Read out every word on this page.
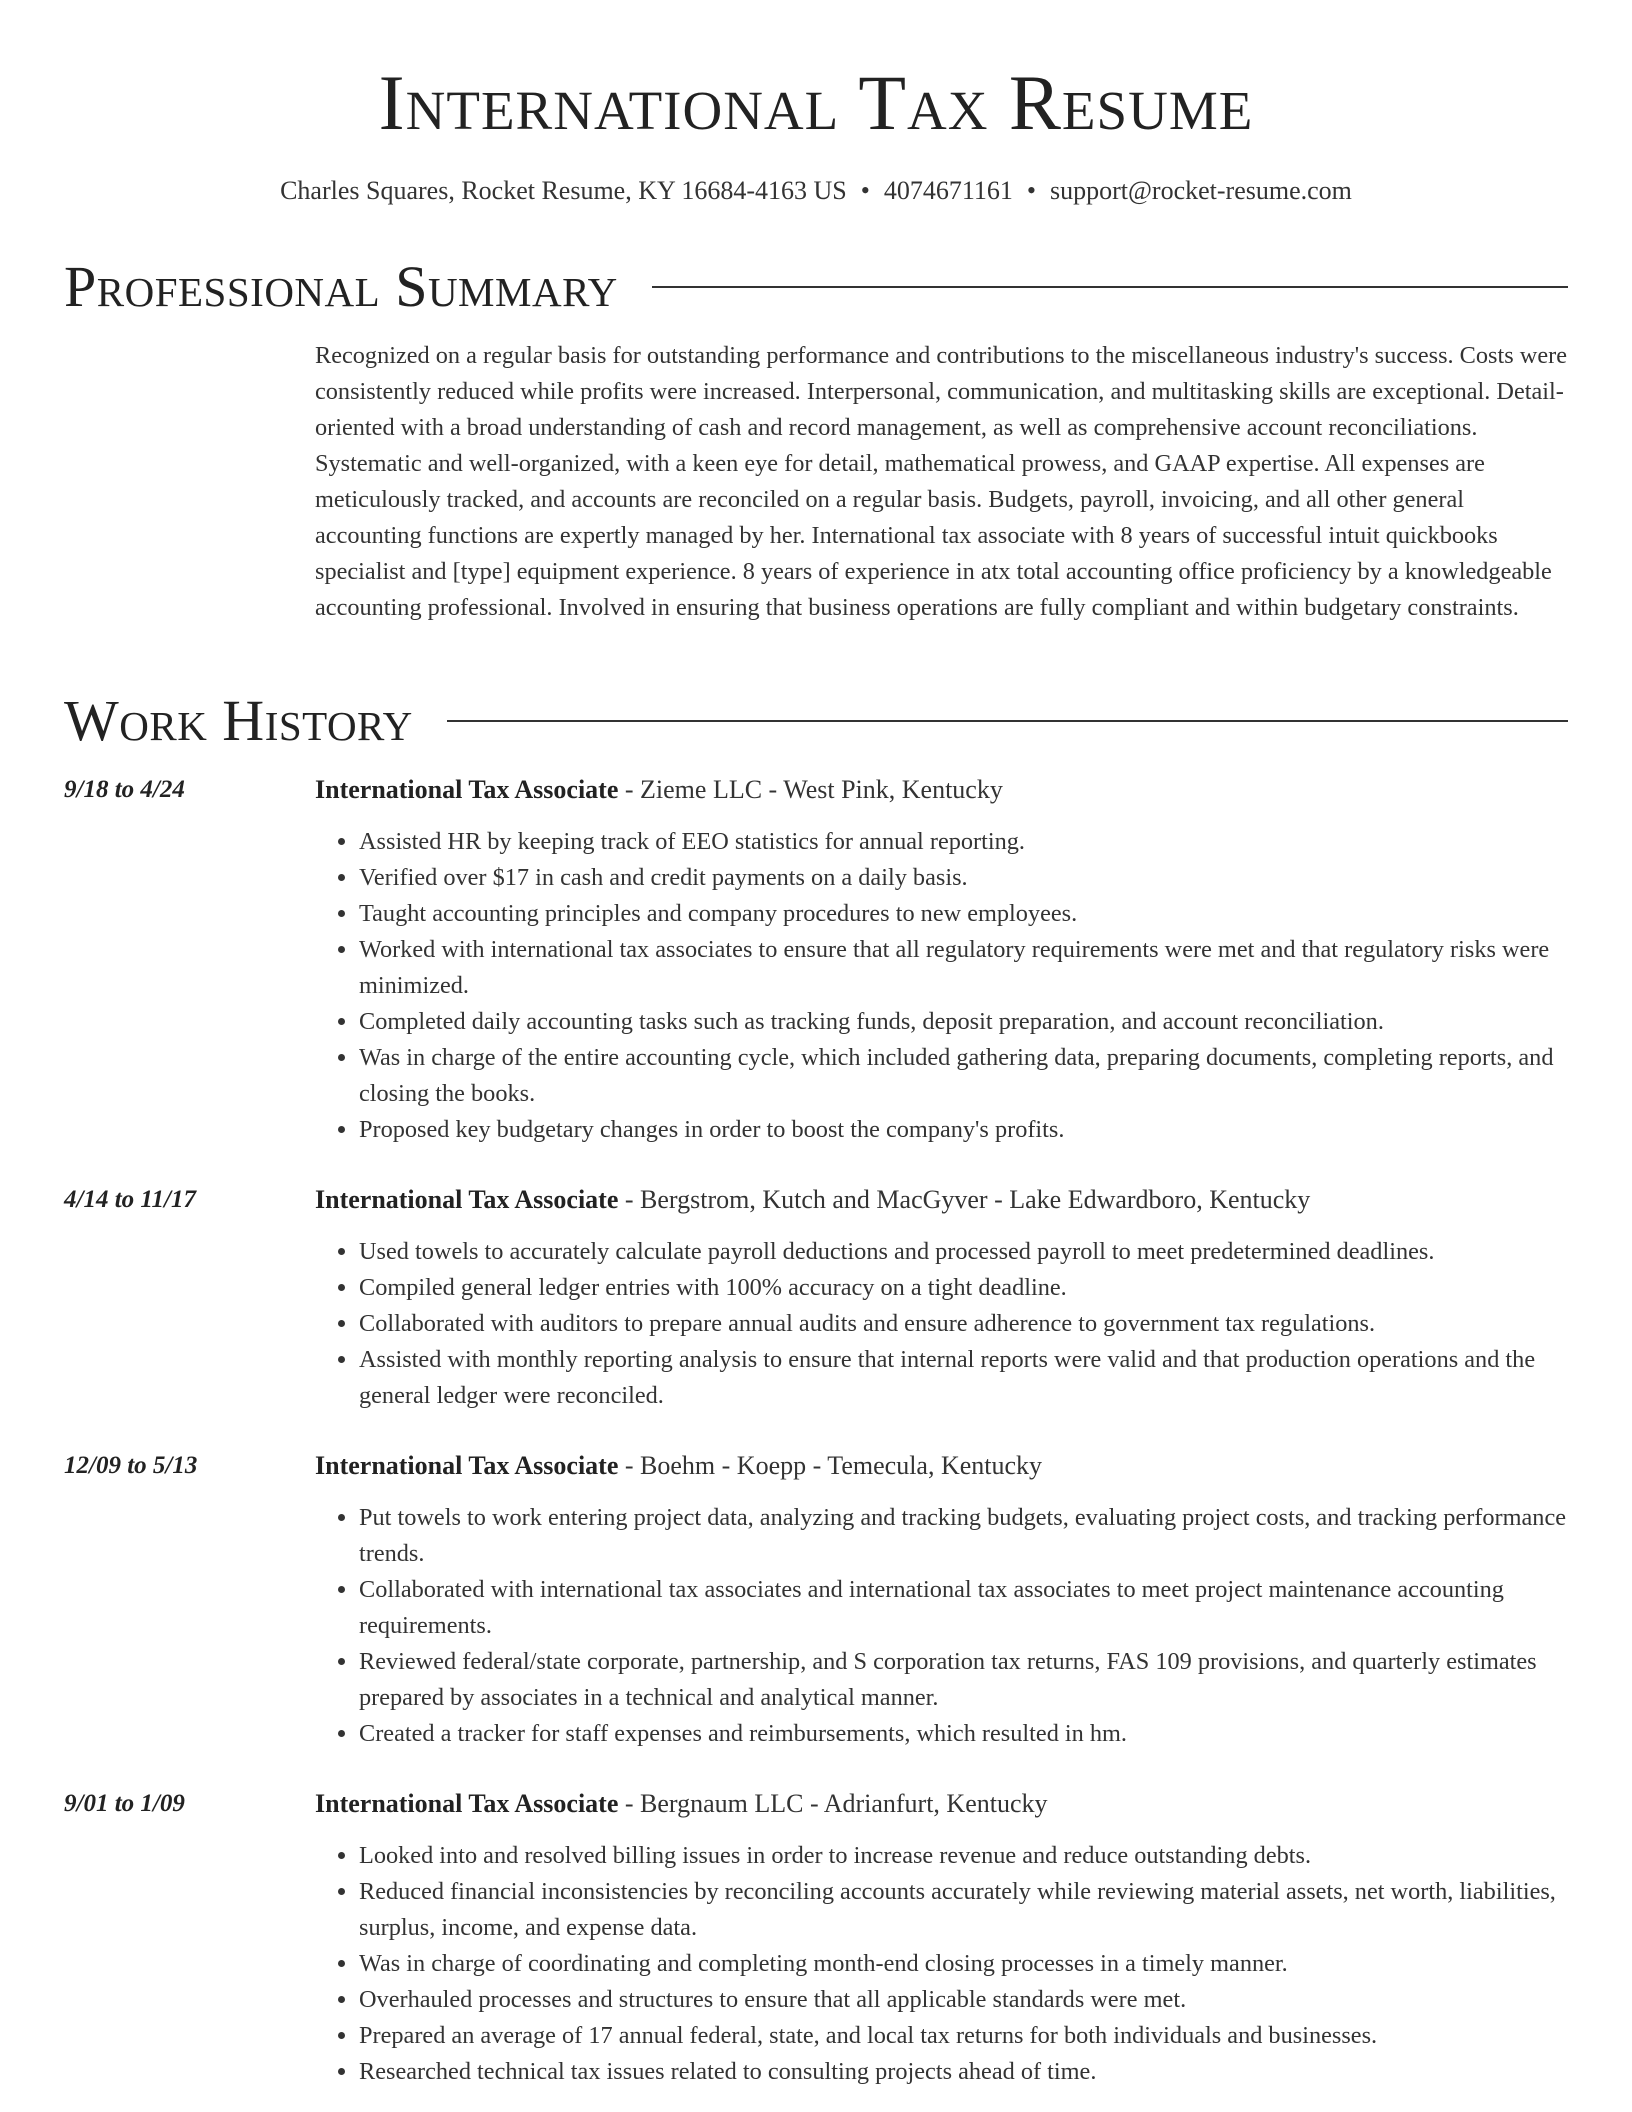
International Tax Resume
Charles Squares, Rocket Resume, KY 16684-4163 US • 4074671161 • support@rocket-resume.com
Professional Summary

Recognized on a regular basis for outstanding performance and contributions to the miscellaneous industry's success. Costs were consistently reduced while profits were increased. Interpersonal, communication, and multitasking skills are exceptional. Detail-oriented with a broad understanding of cash and record management, as well as comprehensive account reconciliations. Systematic and well-organized, with a keen eye for detail, mathematical prowess, and GAAP expertise. All expenses are meticulously tracked, and accounts are reconciled on a regular basis. Budgets, payroll, invoicing, and all other general accounting functions are expertly managed by her. International tax associate with 8 years of successful intuit quickbooks specialist and [type] equipment experience. 8 years of experience in atx total accounting office proficiency by a knowledgeable accounting professional. Involved in ensuring that business operations are fully compliant and within budgetary constraints.

Work History
9/18 to 4/24	International Tax Associate - Zieme LLC - West Pink, Kentucky
• Assisted HR by keeping track of EEO statistics for annual reporting.
• Verified over $17 in cash and credit payments on a daily basis.
• Taught accounting principles and company procedures to new employees.
• Worked with international tax associates to ensure that all regulatory requirements were met and that regulatory risks were minimized.
• Completed daily accounting tasks such as tracking funds, deposit preparation, and account reconciliation.
• Was in charge of the entire accounting cycle, which included gathering data, preparing documents, completing reports, and closing the books.
• Proposed key budgetary changes in order to boost the company's profits.
4/14 to 11/17	International Tax Associate - Bergstrom, Kutch and MacGyver - Lake Edwardboro, Kentucky
• Used towels to accurately calculate payroll deductions and processed payroll to meet predetermined deadlines.
• Compiled general ledger entries with 100% accuracy on a tight deadline.
• Collaborated with auditors to prepare annual audits and ensure adherence to government tax regulations.
• Assisted with monthly reporting analysis to ensure that internal reports were valid and that production operations and the general ledger were reconciled.
12/09 to 5/13	International Tax Associate - Boehm - Koepp - Temecula, Kentucky
• Put towels to work entering project data, analyzing and tracking budgets, evaluating project costs, and tracking performance trends.
• Collaborated with international tax associates and international tax associates to meet project maintenance accounting requirements.
• Reviewed federal/state corporate, partnership, and S corporation tax returns, FAS 109 provisions, and quarterly estimates prepared by associates in a technical and analytical manner.
• Created a tracker for staff expenses and reimbursements, which resulted in hm.
9/01 to 1/09	International Tax Associate - Bergnaum LLC - Adrianfurt, Kentucky
• Looked into and resolved billing issues in order to increase revenue and reduce outstanding debts.
• Reduced financial inconsistencies by reconciling accounts accurately while reviewing material assets, net worth, liabilities, surplus, income, and expense data.
• Was in charge of coordinating and completing month-end closing processes in a timely manner.
• Overhauled processes and structures to ensure that all applicable standards were met.
• Prepared an average of 17 annual federal, state, and local tax returns for both individuals and businesses.
• Researched technical tax issues related to consulting projects ahead of time.
